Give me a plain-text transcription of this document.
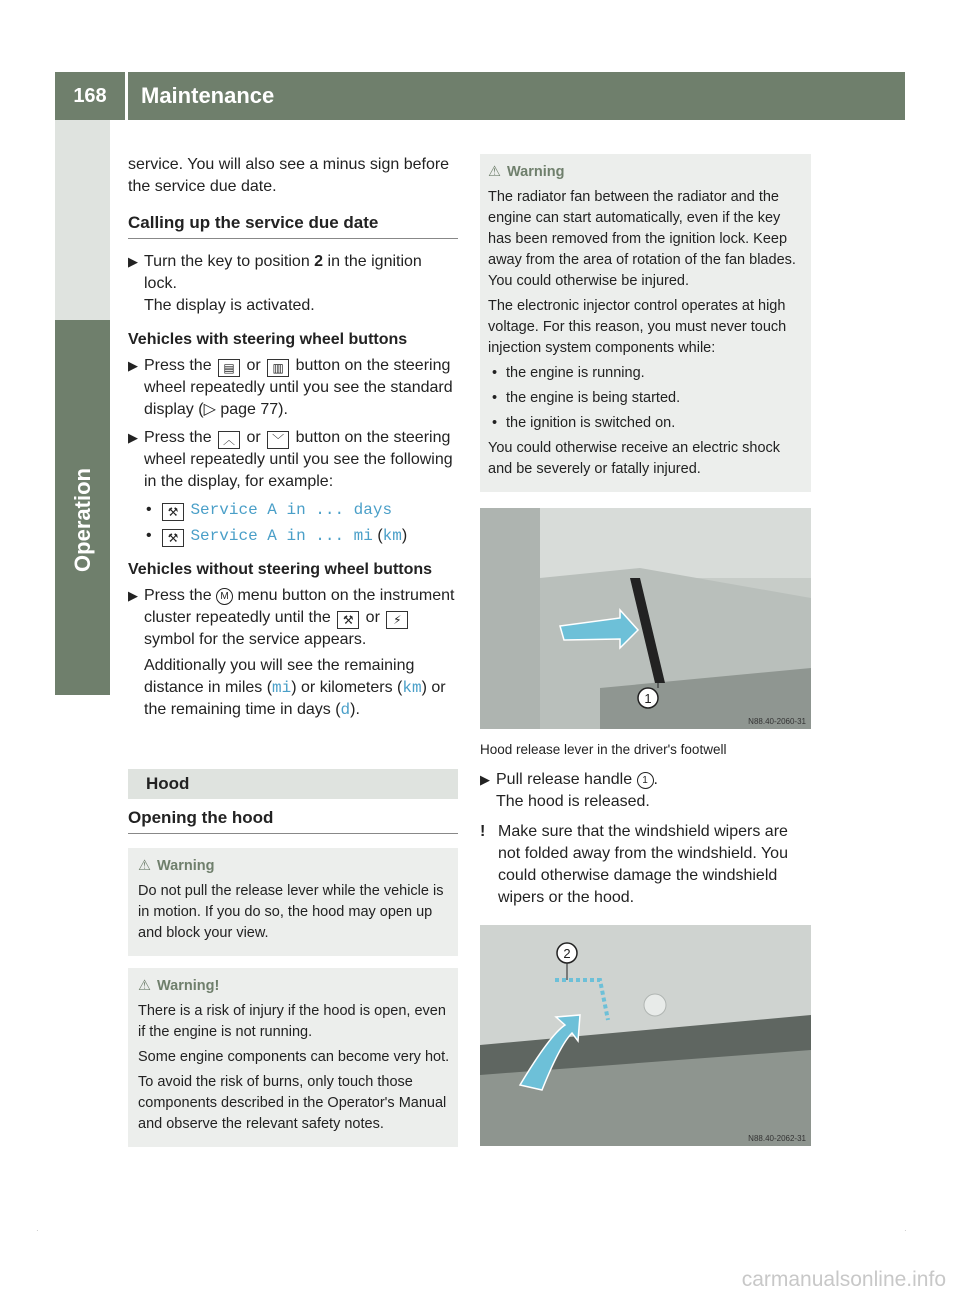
168	Maintenance
Operation

service. You will also see a minus sign before the service due date.

Calling up the service due date
▶ Turn the key to position 2 in the ignition lock.
The display is activated.
Vehicles with steering wheel buttons
▶ Press the ▤ or ▥ button on the steering wheel repeatedly until you see the standard display (▷ page 77).
▶ Press the ︿ or ﹀ button on the steering wheel repeatedly until you see the following in the display, for example:
• ⚒ Service A in ... days
• ⚒ Service A in ... mi (km)
Vehicles without steering wheel buttons
▶ Press the M menu button on the instrument cluster repeatedly until the ⚒ or ⚡ symbol for the service appears.

Additionally you will see the remaining distance in miles (mi) or kilometers (km) or the remaining time in days (d).

Hood
Opening the hood
⚠ Warning

Do not pull the release lever while the vehicle is in motion. If you do so, the hood may open up and block your view.

⚠ Warning!

There is a risk of injury if the hood is open, even if the engine is not running.

Some engine components can become very hot.

To avoid the risk of burns, only touch those components described in the Operator's Manual and observe the relevant safety notes.

⚠ Warning

The radiator fan between the radiator and the engine can start automatically, even if the key has been removed from the ignition lock. Keep away from the area of rotation of the fan blades. You could otherwise be injured.

The electronic injector control operates at high voltage. For this reason, you must never touch injection system components while:

• the engine is running.
• the engine is being started.
• the ignition is switched on.

You could otherwise receive an electric shock and be severely or fatally injured.

1
N88.40-2060-31
Hood release lever in the driver's footwell
▶ Pull release handle 1 .
The hood is released.
! Make sure that the windshield wipers are not folded away from the windshield. You could otherwise damage the windshield wipers or the hood.
2
N88.40-2062-31
·	·
carmanualsonline.info
